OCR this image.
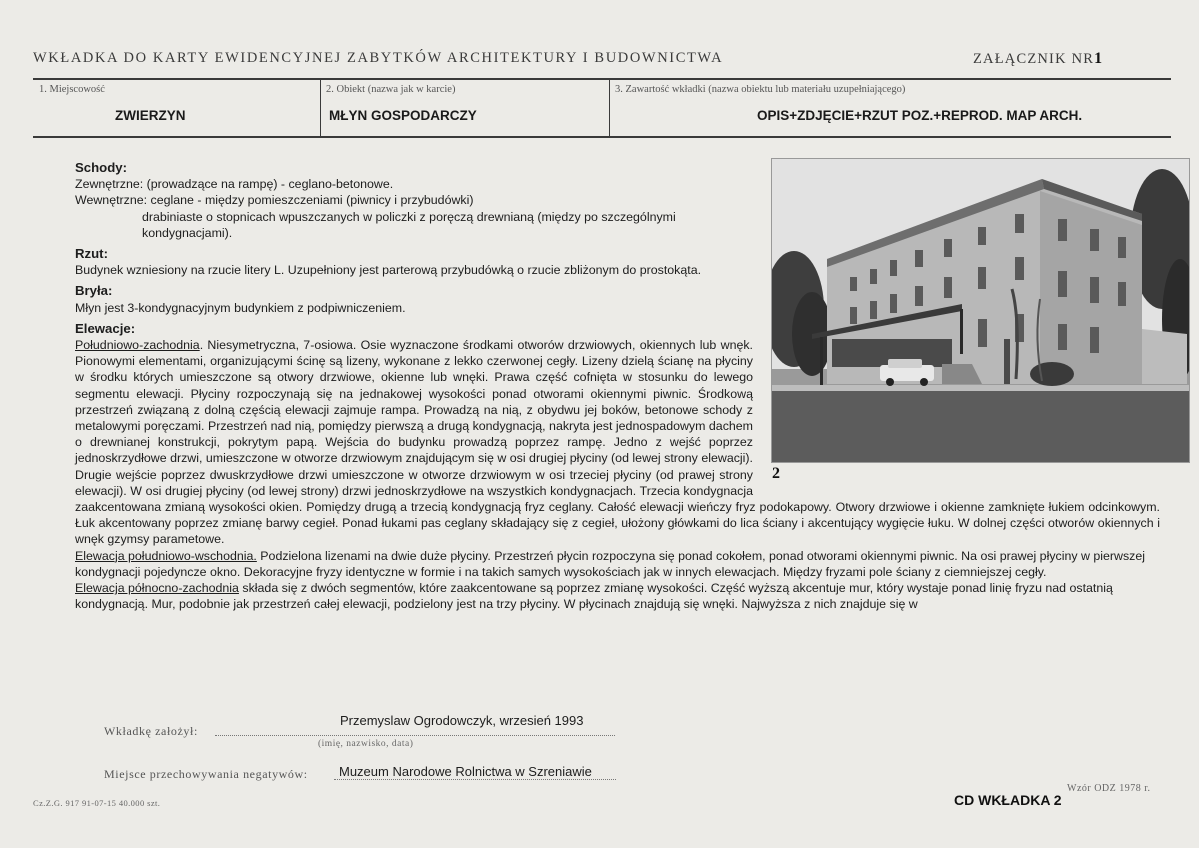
WKŁADKA DO KARTY EWIDENCYJNEJ ZABYTKÓW ARCHITEKTURY I BUDOWNICTWA	ZAŁĄCZNIK NR1
1. Miejscowość
ZWIERZYN
2. Obiekt (nazwa jak w karcie)
MŁYN GOSPODARCZY
3. Zawartość wkładki (nazwa obiektu lub materiału uzupełniającego)
OPIS+ZDJĘCIE+RZUT POZ.+REPROD. MAP ARCH.
2
Schody:

Zewnętrzne: (prowadzące na rampę) - ceglano-betonowe.

Wewnętrzne: ceglane - między pomieszczeniami (piwnicy i przybudówki)

drabiniaste o stopnicach wpuszczanych w policzki z poręczą drewnianą (między po szczególnymi kondygnacjami).

Rzut:

Budynek wzniesiony na rzucie litery L. Uzupełniony jest parterową przybudówką o rzucie zbliżonym do prostokąta.

Bryła:

Młyn jest 3-kondygnacyjnym budynkiem z podpiwniczeniem.

Elewacje:

Południowo-zachodnia. Niesymetryczna, 7-osiowa. Osie wyznaczone środkami otworów drzwiowych, okiennych lub wnęk. Pionowymi elementami, organizującymi ścinę są lizeny, wykonane z lekko czerwonej cegły. Lizeny dzielą ścianę na płyciny w środku których umieszczone są otwory drzwiowe, okienne lub wnęki. Prawa część cofnięta w stosunku do lewego segmentu elewacji. Płyciny rozpoczynają się na jednakowej wysokości ponad otworami okiennymi piwnic. Środkową przestrzeń związaną z dolną częścią elewacji zajmuje rampa. Prowadzą na nią, z obydwu jej boków, betonowe schody z metalowymi poręczami. Przestrzeń nad nią, pomiędzy pierwszą a drugą kondygnacją, nakryta jest jednospadowym dachem o drewnianej konstrukcji, pokrytym papą. Wejścia do budynku prowadzą poprzez rampę. Jedno z wejść poprzez jednoskrzydłowe drzwi, umieszczone w otworze drzwiowym znajdującym się w osi drugiej płyciny (od lewej strony elewacji). Drugie wejście poprzez dwuskrzydłowe drzwi umieszczone w otworze drzwiowym w osi trzeciej płyciny (od prawej strony elewacji). W osi drugiej płyciny (od lewej strony) drzwi jednoskrzydłowe na wszystkich kondygnacjach. Trzecia kondygnacja zaakcentowana zmianą wysokości okien. Pomiędzy drugą a trzecią kondygnacją fryz ceglany. Całość elewacji wieńczy fryz podokapowy. Otwory drzwiowe i okienne zamknięte łukiem odcinkowym. Łuk akcentowany poprzez zmianę barwy cegieł. Ponad łukami pas ceglany składający się z cegieł, ułożony główkami do lica ściany i akcentujący wygięcie łuku. W dolnej części otworów okiennych i wnęk gzymsy parametowe.

Elewacja południowo-wschodnia. Podzielona lizenami na dwie duże płyciny. Przestrzeń płycin rozpoczyna się ponad cokołem, ponad otworami okiennymi piwnic. Na osi prawej płyciny w pierwszej kondygnacji pojedyncze okno. Dekoracyjne fryzy identyczne w formie i na takich samych wysokościach jak w innych elewacjach. Między fryzami pole ściany z ciemniejszej cegły.

Elewacja północno-zachodnia składa się z dwóch segmentów, które zaakcentowane są poprzez zmianę wysokości. Część wyższą akcentuje mur, który wystaje ponad linię fryzu nad ostatnią kondygnacją. Mur, podobnie jak przestrzeń całej elewacji, podzielony jest na trzy płyciny. W płycinach znajdują się wnęki. Najwyższa z nich znajduje się w

Wkładkę założył:
Przemyslaw Ogrodowczyk, wrzesień 1993
(imię, nazwisko, data)
Miejsce przechowywania negatywów: Muzeum Narodowe Rolnictwa w Szreniawie
Cz.Z.G. 917 91-07-15 40.000 szt.
Wzór ODZ 1978 r.
CD WKŁADKA 2
